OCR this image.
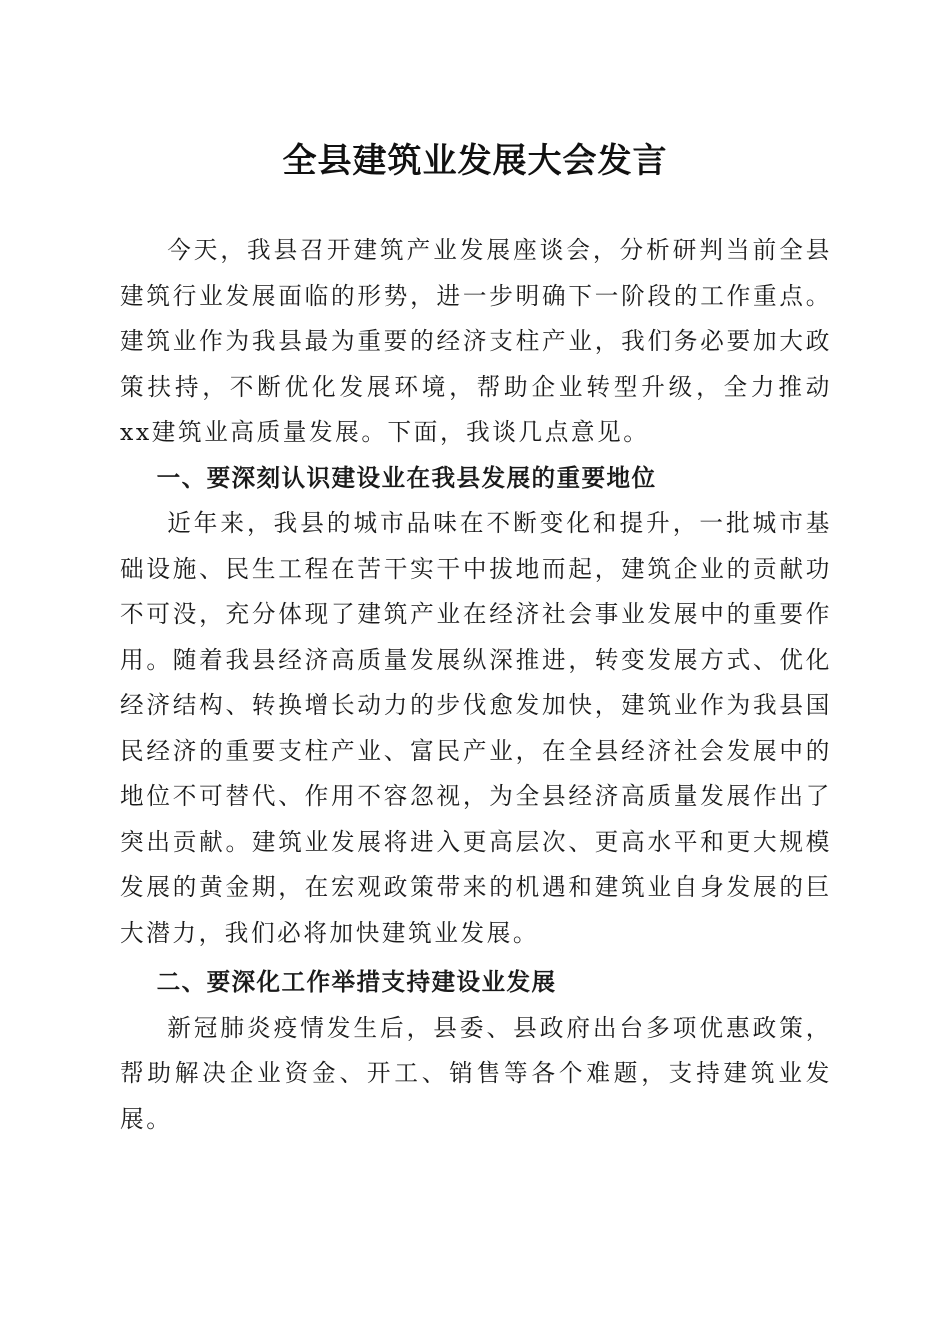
全县建筑业发展大会发言

今天，我县召开建筑产业发展座谈会，分析研判当前全县建筑行业发展面临的形势，进一步明确下一阶段的工作重点。建筑业作为我县最为重要的经济支柱产业，我们务必要加大政策扶持，不断优化发展环境，帮助企业转型升级，全力推动xx建筑业高质量发展。下面，我谈几点意见。

一、要深刻认识建设业在我县发展的重要地位

近年来，我县的城市品味在不断变化和提升，一批城市基础设施、民生工程在苦干实干中拔地而起，建筑企业的贡献功不可没，充分体现了建筑产业在经济社会事业发展中的重要作用。随着我县经济高质量发展纵深推进，转变发展方式、优化经济结构、转换增长动力的步伐愈发加快，建筑业作为我县国民经济的重要支柱产业、富民产业，在全县经济社会发展中的地位不可替代、作用不容忽视，为全县经济高质量发展作出了突出贡献。建筑业发展将进入更高层次、更高水平和更大规模发展的黄金期，在宏观政策带来的机遇和建筑业自身发展的巨大潜力，我们必将加快建筑业发展。

二、要深化工作举措支持建设业发展

新冠肺炎疫情发生后，县委、县政府出台多项优惠政策，帮助解决企业资金、开工、销售等各个难题，支持建筑业发展。
